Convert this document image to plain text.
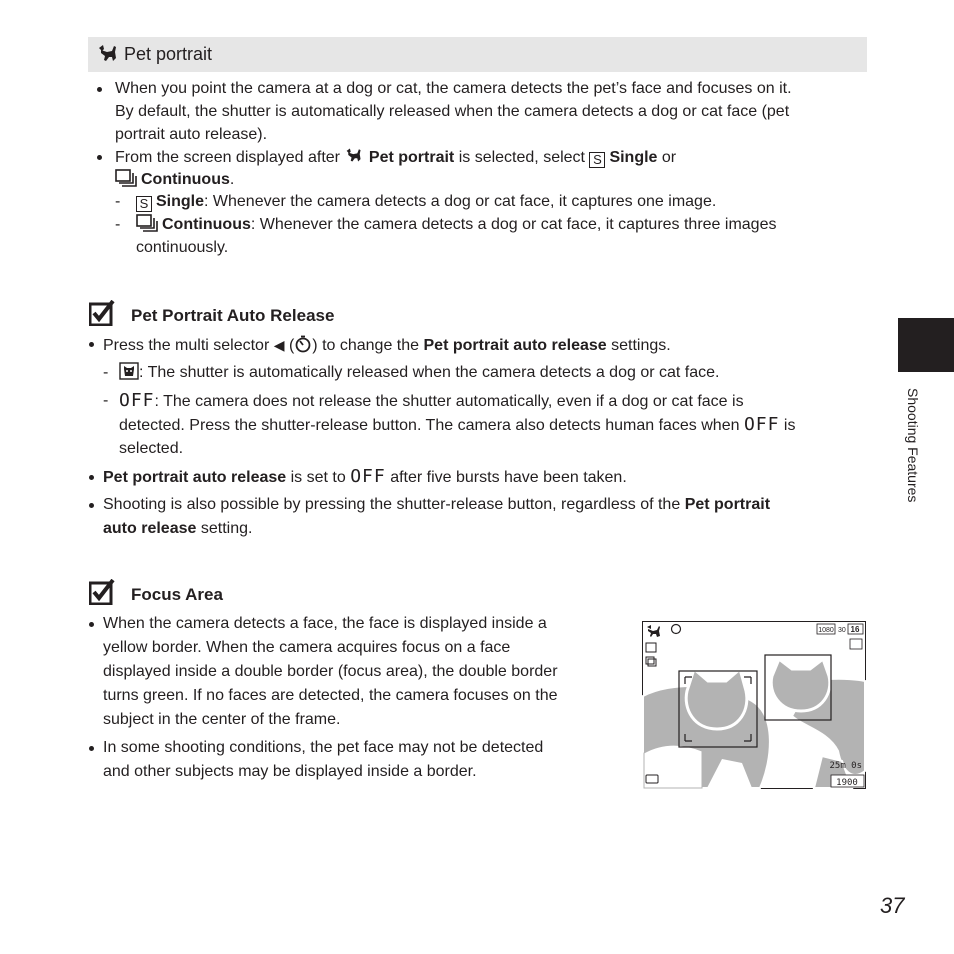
Pet portrait
When you point the camera at a dog or cat, the camera detects the pet’s face and focuses on it.
By default, the shutter is automatically released when the camera detects a dog or cat face (pet
portrait auto release).
From the screen displayed after Pet portrait is selected, select S Single or
Continuous.
- S Single: Whenever the camera detects a dog or cat face, it captures one image.
-	Continuous: Whenever the camera detects a dog or cat face, it captures three images
continuously.
Pet Portrait Auto Release
Press the multi selector ◀ ( ) to change the Pet portrait auto release settings.
-	: The shutter is automatically released when the camera detects a dog or cat face.
- OFF: The camera does not release the shutter automatically, even if a dog or cat face is
detected. Press the shutter-release button. The camera also detects human faces when OFF is
selected.
Pet portrait auto release is set to OFF after five bursts have been taken.
Shooting is also possible by pressing the shutter-release button, regardless of the Pet portrait
auto release setting.
Focus Area
When the camera detects a face, the face is displayed inside a
yellow border. When the camera acquires focus on a face
displayed inside a double border (focus area), the double border
turns green. If no faces are detected, the camera focuses on the
subject in the center of the frame.
In some shooting conditions, the pet face may not be detected
and other subjects may be displayed inside a border.
1080 30 16
25m 0s
1900
Shooting Features
37
